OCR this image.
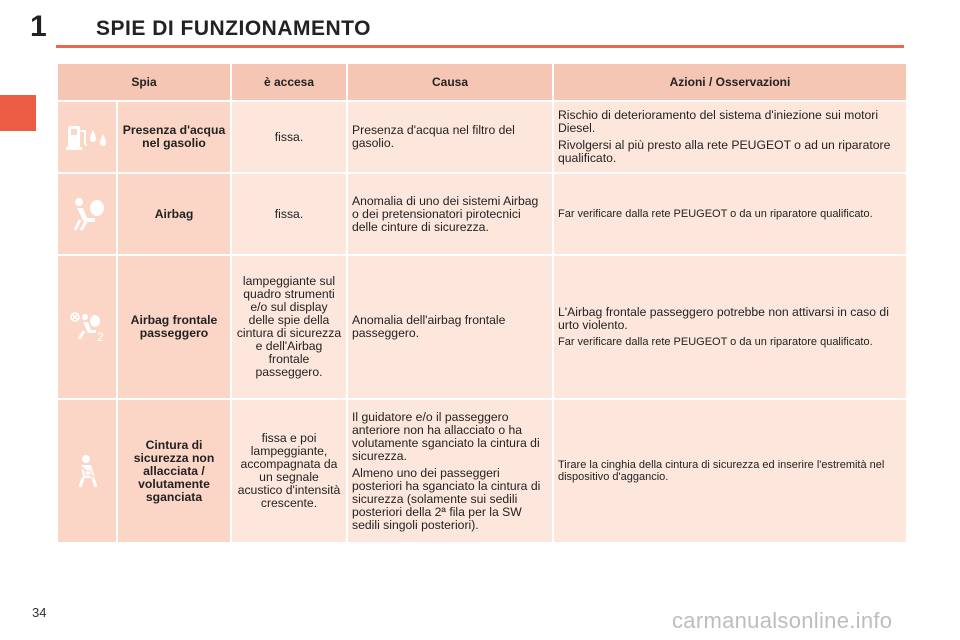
1 SPIE DI FUNZIONAMENTO
Spia		è accesa	Causa	Azioni / Osservazioni
	Presenza d'acqua nel gasolio	fissa.	Presenza d'acqua nel filtro del gasolio.	Rischio di deterioramento del sistema d'iniezione sui motori Diesel.
Rivolgersi al più presto alla rete PEUGEOT o ad un riparatore qualificato.

	Airbag	fissa.	Anomalia di uno dei sistemi Airbag o dei pretensionatori pirotecnici delle cinture di sicurezza.	Far verificare dalla rete PEUGEOT o da un riparatore qualificato.

2	Airbag frontale passeggero	lampeggiante sul quadro strumenti e/o sul display delle spie della cintura di sicurezza e dell'Airbag frontale passeggero.	Anomalia dell'airbag frontale passeggero.	L'Airbag frontale passeggero potrebbe non attivarsi in caso di urto violento.
Far verificare dalla rete PEUGEOT o da un riparatore qualificato.

	Cintura di sicurezza non allacciata / volutamente sganciata	fissa e poi lampeggiante, accompagnata da un segnale acustico d'intensità crescente.	Il guidatore e/o il passeggero anteriore non ha allacciato o ha volutamente sganciato la cintura di sicurezza.
Almeno uno dei passeggeri posteriori ha sganciato la cintura di sicurezza (solamente sui sedili posteriori della 2ª fila per la SW sedili singoli posteriori).	Tirare la cinghia della cintura di sicurezza ed inserire l'estremità nel dispositivo d'aggancio.
34	carmanualsonline.info
